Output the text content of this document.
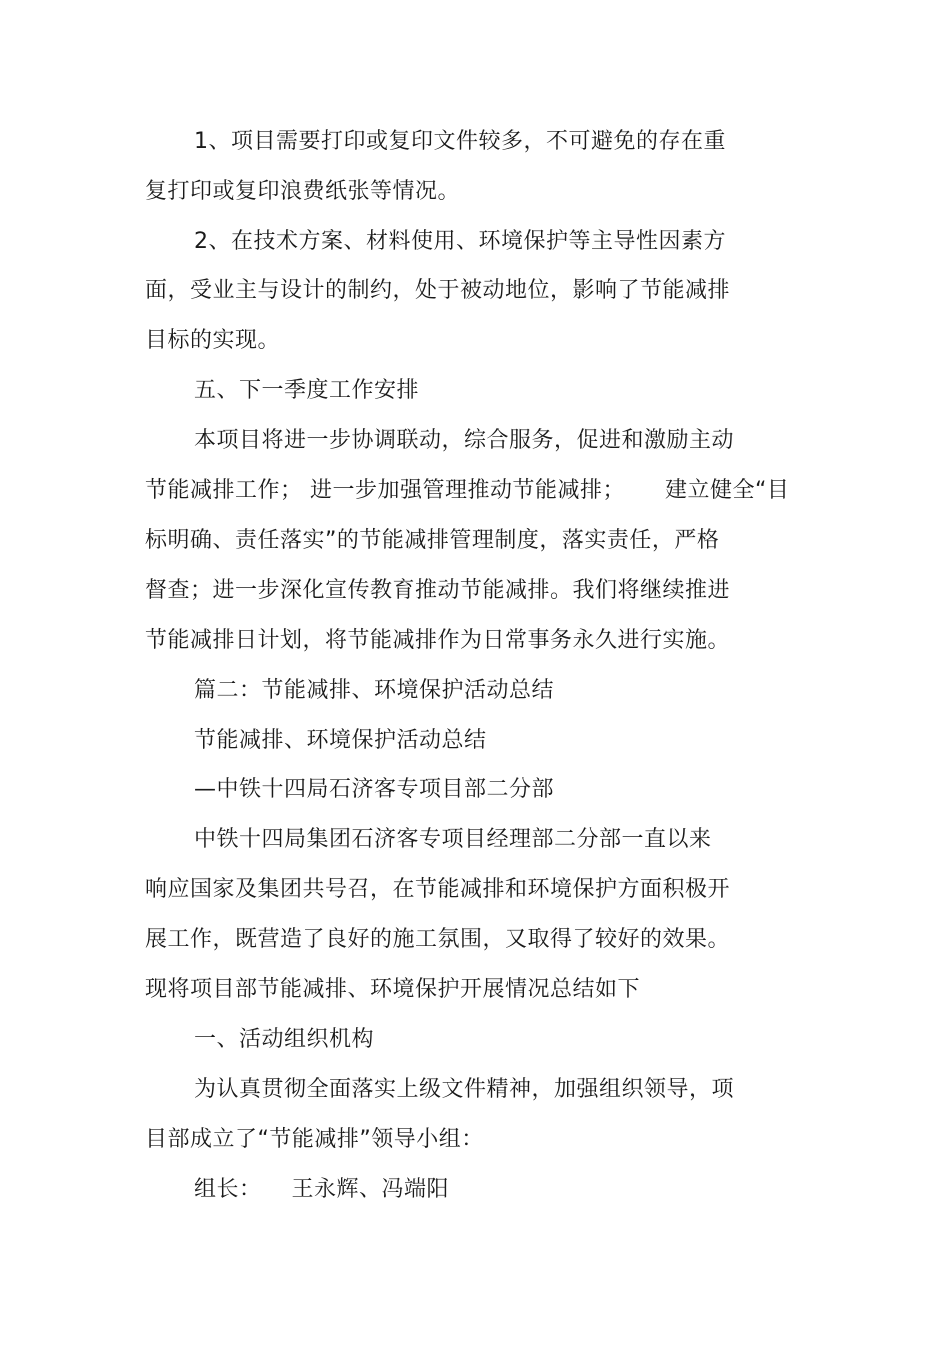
1、项目需要打印或复印文件较多，不可避免的存在重
复打印或复印浪费纸张等情况。
2、在技术方案、材料使用、环境保护等主导性因素方
面，受业主与设计的制约，处于被动地位，影响了节能减排
目标的实现。
五、下一季度工作安排
本项目将进一步协调联动，综合服务，促进和激励主动
节能减排工作； 进一步加强管理推动节能减排； 建立健全“目
标明确、责任落实”的节能减排管理制度，落实责任，严格
督查；进一步深化宣传教育推动节能减排。我们将继续推进
节能减排日计划，将节能减排作为日常事务永久进行实施。
篇二：节能减排、环境保护活动总结
节能减排、环境保护活动总结
—中铁十四局石济客专项目部二分部
中铁十四局集团石济客专项目经理部二分部一直以来
响应国家及集团共号召，在节能减排和环境保护方面积极开
展工作，既营造了良好的施工氛围，又取得了较好的效果。
现将项目部节能减排、环境保护开展情况总结如下
一、活动组织机构
为认真贯彻全面落实上级文件精神，加强组织领导，项
目部成立了“节能减排”领导小组：
组长： 王永辉、冯端阳
